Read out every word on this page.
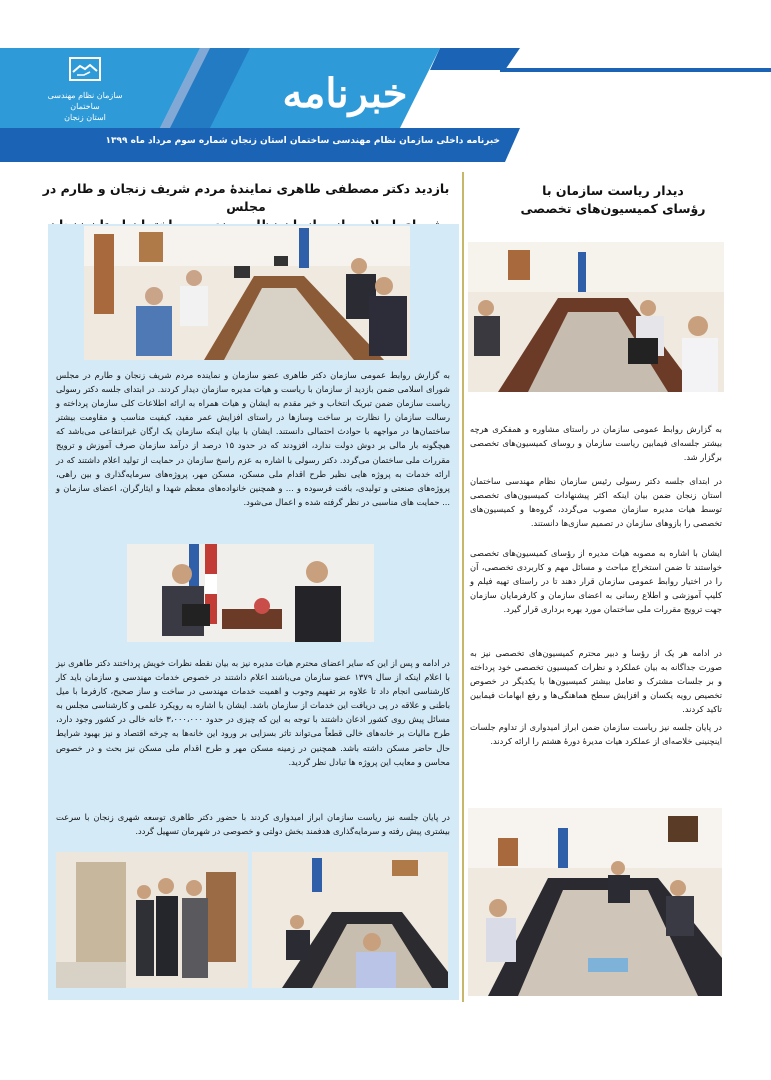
سازمان نظام مهندسی ساختمان
استان زنجان
خبرنامه
خبرنامه داخلی سازمان نظام مهندسی ساختمان استان زنجان شماره سوم مرداد ماه ۱۳۹۹
بازدید دکتر مصطفی طاهری نمایندهٔ مردم شریف زنجان و طارم در مجلس

به گزارش روابط عمومی سازمان دکتر طاهری عضو سازمان و نماینده مردم شریف زنجان و طارم در مجلس شورای اسلامی ضمن بازدید از سازمان با ریاست و هیات مدیره سازمان دیدار کردند. در ابتدای جلسه دکتر رسولی ریاست سازمان ضمن تبریک انتخاب و خیر مقدم به ایشان و هیات همراه به ارائه اطلاعات کلی سازمان پرداخته و رسالت سازمان را نظارت بر ساخت وسازها در راستای افزایش عمر مفید، کیفیت مناسب و مقاومت بیشتر ساختمان‌ها در مواجهه با حوادث احتمالی دانستند. ایشان با بیان اینکه سازمان یک ارگان غیرانتفاعی می‌باشد که هیچگونه بار مالی بر دوش دولت ندارد، افزودند که در حدود ۱۵ درصد از درآمد سازمان صرف آموزش و ترویج مقررات ملی ساختمان می‌گردد. دکتر رسولی با اشاره به عزم راسخ سازمان در حمایت از تولید اعلام داشتند که در ارائه خدمات به پروژه هایی نظیر طرح اقدام ملی مسکن، مسکن مهر، پروژه‌های سرمایه‌گذاری و بین راهی، پروژه‌های صنعتی و تولیدی، بافت فرسوده و ... و همچنین خانواده‌های معظم شهدا و ایثارگران، اعضای سازمان و ... حمایت های مناسبی در نظر گرفته شده و اعمال می‌شود.

در ادامه و پس از این که سایر اعضای محترم هیات مدیره نیز به بیان نقطه نظرات خویش پرداختند دکتر طاهری نیز با اعلام اینکه از سال ۱۳۷۹ عضو سازمان می‌باشند اعلام داشتند در خصوص خدمات مهندسی و سازمان باید کار کارشناسی انجام داد تا علاوه بر تفهیم وجوب و اهمیت خدمات مهندسی در ساخت و ساز صحیح، کارفرما با میل باطنی و علاقه در پی دریافت این خدمات از سازمان باشد. ایشان با اشاره به رویکرد علمی و کارشناسی مجلس به مسائل پیش روی کشور اذعان داشتند با توجه به این که چیزی در حدود ۳،۰۰۰،۰۰۰ خانه خالی در کشور وجود دارد، طرح مالیات بر خانه‌های خالی قطعاً می‌تواند تاثر بسزایی بر ورود این خانه‌ها به چرخه اقتصاد و نیز بهبود شرایط حال حاضر مسکن داشته باشد. همچنین در زمینه مسکن مهر و طرح اقدام ملی مسکن نیز بحث و در خصوص محاسن و معایب این پروژه ها تبادل نظر گردید.

در پایان جلسه نیز ریاست سازمان ابراز امیدواری کردند با حضور دکتر طاهری توسعه شهری زنجان با سرعت بیشتری پیش رفته و سرمایه‌گذاری هدفمند بخش دولتی و خصوصی در شهرمان تسهیل گردد.

دیدار ریاست سازمان با
رؤسای کمیسیون‌های تخصصی

به گزارش روابط عمومی سازمان در راستای مشاوره و همفکری هرچه بیشتر جلسه‌ای فیمابین ریاست سازمان و روسای کمیسیون‌های تخصصی برگزار شد.

در ابتدای جلسه دکتر رسولی رئیس سازمان نظام مهندسی ساختمان استان زنجان ضمن بیان اینکه اکثر پیشنهادات کمیسیون‌های تخصصی توسط هیات مدیره سازمان مصوب می‌گردد، گروه‌ها و کمیسیون‌های تخصصی را بازوهای سازمان در تصمیم سازی‌ها دانستند.

ایشان با اشاره به مصوبه هیات مدیره از رؤسای کمیسیون‌های تخصصی خواستند تا ضمن استخراج مباحث و مسائل مهم و کاربردی تخصصی، آن را در اختیار روابط عمومی سازمان قرار دهند تا در راستای تهیه فیلم و کلیپ آموزشی و اطلاع رسانی به اعضای سازمان و کارفرمایان سازمان جهت ترویج مقررات ملی ساختمان مورد بهره برداری قرار گیرد.

در ادامه هر یک از رؤسا و دبیر محترم کمیسیون‌های تخصصی نیز به صورت جداگانه به بیان عملکرد و نظرات کمیسیون تخصصی خود پرداخته و بر جلسات مشترک و تعامل بیشتر کمیسیون‌ها با یکدیگر در خصوص تخصیص رویه یکسان و افزایش سطح هماهنگی‌ها و رفع ابهامات فیمابین تاکید کردند.

در پایان جلسه نیز ریاست سازمان ضمن ابراز امیدواری از تداوم جلسات اینچنینی خلاصه‌ای از عملکرد هیات مدیرهٔ دورهٔ هشتم را ارائه کردند.
